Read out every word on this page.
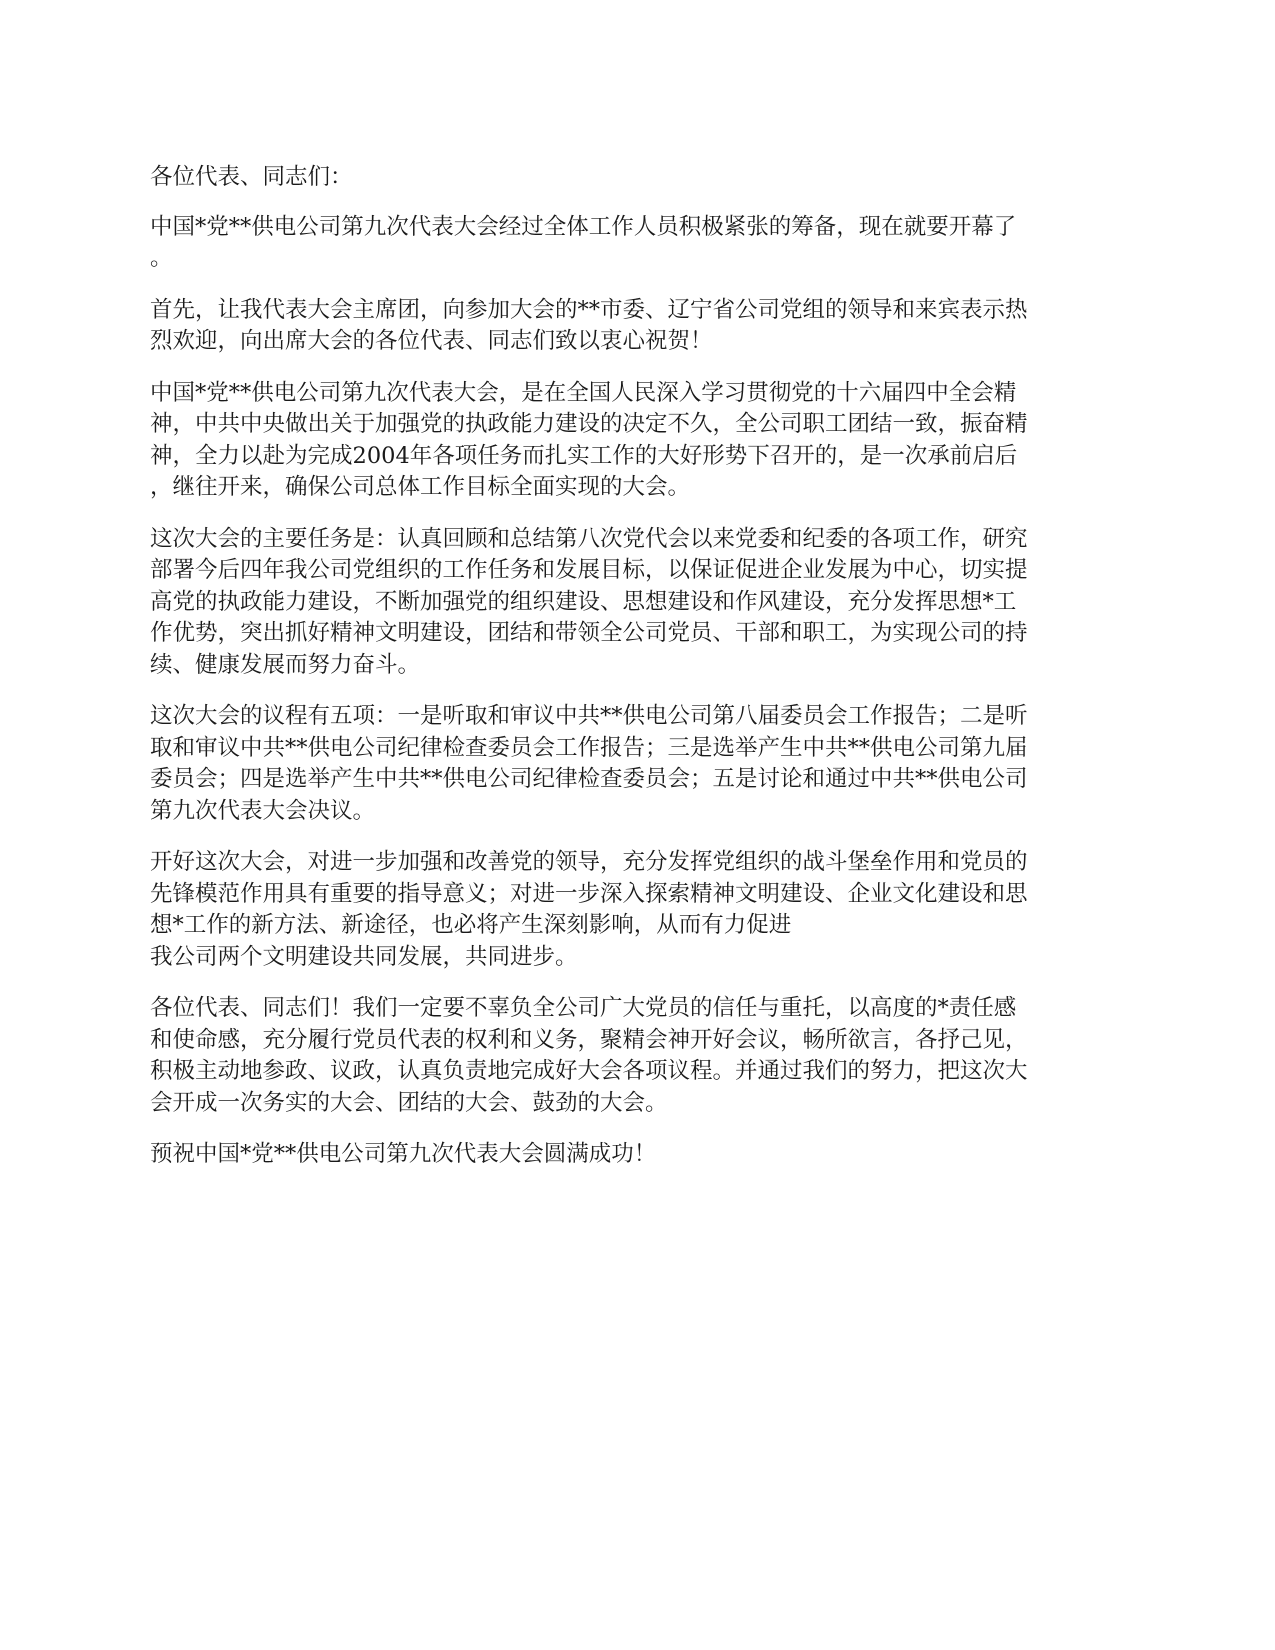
各位代表、同志们：

中国*党**供电公司第九次代表大会经过全体工作人员积极紧张的筹备，现在就要开幕了
。

首先，让我代表大会主席团，向参加大会的**市委、辽宁省公司党组的领导和来宾表示热
烈欢迎，向出席大会的各位代表、同志们致以衷心祝贺！

中国*党**供电公司第九次代表大会，是在全国人民深入学习贯彻党的十六届四中全会精
神，中共中央做出关于加强党的执政能力建设的决定不久，全公司职工团结一致，振奋精
神，全力以赴为完成2004年各项任务而扎实工作的大好形势下召开的，是一次承前启后
，继往开来，确保公司总体工作目标全面实现的大会。

这次大会的主要任务是：认真回顾和总结第八次党代会以来党委和纪委的各项工作，研究
部署今后四年我公司党组织的工作任务和发展目标，以保证促进企业发展为中心，切实提
高党的执政能力建设，不断加强党的组织建设、思想建设和作风建设，充分发挥思想*工
作优势，突出抓好精神文明建设，团结和带领全公司党员、干部和职工，为实现公司的持
续、健康发展而努力奋斗。

这次大会的议程有五项：一是听取和审议中共**供电公司第八届委员会工作报告；二是听
取和审议中共**供电公司纪律检查委员会工作报告；三是选举产生中共**供电公司第九届
委员会；四是选举产生中共**供电公司纪律检查委员会；五是讨论和通过中共**供电公司
第九次代表大会决议。

开好这次大会，对进一步加强和改善党的领导，充分发挥党组织的战斗堡垒作用和党员的
先锋模范作用具有重要的指导意义；对进一步深入探索精神文明建设、企业文化建设和思
想*工作的新方法、新途径，也必将产生深刻影响，从而有力促进
我公司两个文明建设共同发展，共同进步。

各位代表、同志们！我们一定要不辜负全公司广大党员的信任与重托，以高度的*责任感
和使命感，充分履行党员代表的权利和义务，聚精会神开好会议，畅所欲言，各抒己见，
积极主动地参政、议政，认真负责地完成好大会各项议程。并通过我们的努力，把这次大
会开成一次务实的大会、团结的大会、鼓劲的大会。

预祝中国*党**供电公司第九次代表大会圆满成功！
